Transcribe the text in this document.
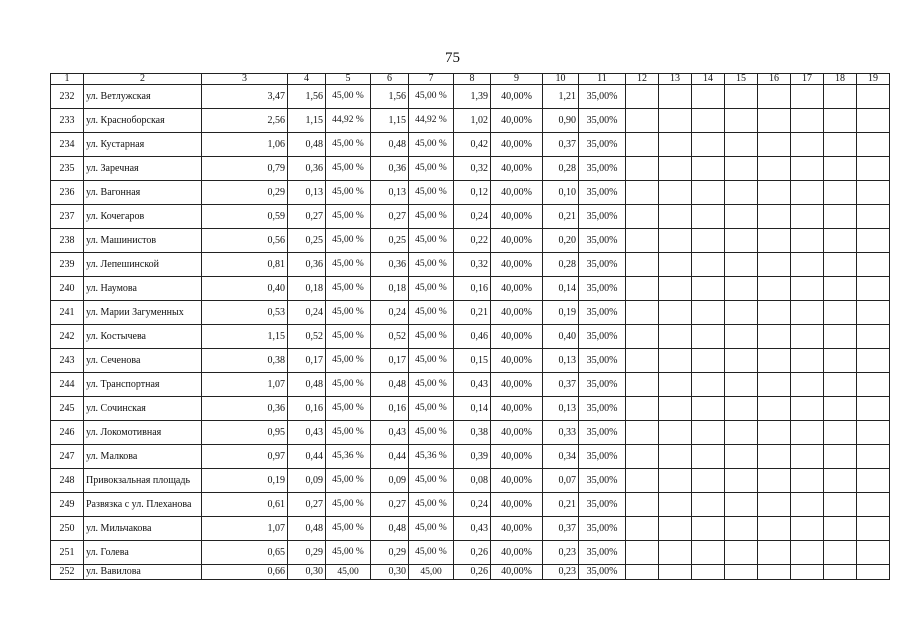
75
1	2	3	4	5	6	7	8	9	10	11	12	13	14	15	16	17	18	19
232	ул. Ветлужская	3,47	1,56	45,00 %	1,56	45,00 %	1,39	40,00%	1,21	35,00%								
233	ул. Красноборская	2,56	1,15	44,92 %	1,15	44,92 %	1,02	40,00%	0,90	35,00%								
234	ул. Кустарная	1,06	0,48	45,00 %	0,48	45,00 %	0,42	40,00%	0,37	35,00%								
235	ул. Заречная	0,79	0,36	45,00 %	0,36	45,00 %	0,32	40,00%	0,28	35,00%								
236	ул. Вагонная	0,29	0,13	45,00 %	0,13	45,00 %	0,12	40,00%	0,10	35,00%								
237	ул. Кочегаров	0,59	0,27	45,00 %	0,27	45,00 %	0,24	40,00%	0,21	35,00%								
238	ул. Машинистов	0,56	0,25	45,00 %	0,25	45,00 %	0,22	40,00%	0,20	35,00%								
239	ул. Лепешинской	0,81	0,36	45,00 %	0,36	45,00 %	0,32	40,00%	0,28	35,00%								
240	ул. Наумова	0,40	0,18	45,00 %	0,18	45,00 %	0,16	40,00%	0,14	35,00%								
241	ул. Марии Загуменных	0,53	0,24	45,00 %	0,24	45,00 %	0,21	40,00%	0,19	35,00%								
242	ул. Костычева	1,15	0,52	45,00 %	0,52	45,00 %	0,46	40,00%	0,40	35,00%								
243	ул. Сеченова	0,38	0,17	45,00 %	0,17	45,00 %	0,15	40,00%	0,13	35,00%								
244	ул. Транспортная	1,07	0,48	45,00 %	0,48	45,00 %	0,43	40,00%	0,37	35,00%								
245	ул. Сочинская	0,36	0,16	45,00 %	0,16	45,00 %	0,14	40,00%	0,13	35,00%								
246	ул. Локомотивная	0,95	0,43	45,00 %	0,43	45,00 %	0,38	40,00%	0,33	35,00%								
247	ул. Малкова	0,97	0,44	45,36 %	0,44	45,36 %	0,39	40,00%	0,34	35,00%								
248	Привокзальная площадь	0,19	0,09	45,00 %	0,09	45,00 %	0,08	40,00%	0,07	35,00%								
249	Развязка с ул. Плеханова	0,61	0,27	45,00 %	0,27	45,00 %	0,24	40,00%	0,21	35,00%								
250	ул. Мильчакова	1,07	0,48	45,00 %	0,48	45,00 %	0,43	40,00%	0,37	35,00%								
251	ул. Голева	0,65	0,29	45,00 %	0,29	45,00 %	0,26	40,00%	0,23	35,00%								
252	ул. Вавилова	0,66	0,30	45,00	0,30	45,00	0,26	40,00%	0,23	35,00%								
